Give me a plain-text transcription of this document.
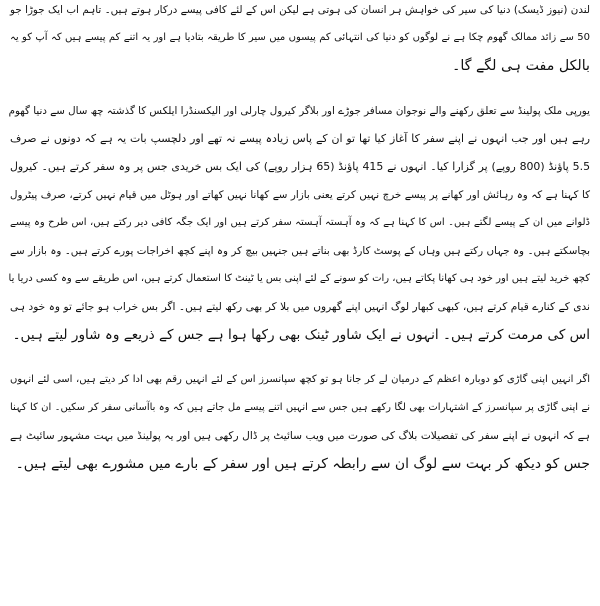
لندن (نیوز ڈیسک) دنیا کی سیر کی خواہش ہر انسان کی ہوتی ہے لیکن اس کے لئے کافی پیسے درکار ہوتے ہیں۔ تاہم اب ایک جوڑا جو
50 سے زائد ممالک گھوم چکا ہے نے لوگوں کو دنیا کی انتہائی کم پیسوں میں سیر کا طریقہ بتادیا ہے اور یہ اتنے کم پیسے ہیں کہ آپ کو یہ
بالکل مفت ہی لگے گا۔
یورپی ملک پولینڈ سے تعلق رکھنے والے نوجوان مسافر جوڑے اور بلاگر کیرول چارلی اور الیکسنڈرا ایلکس کا گذشتہ چھ سال سے دنیا گھوم
رہے ہیں اور جب انہوں نے اپنے سفر کا آغاز کیا تھا تو ان کے پاس زیادہ پیسے نہ تھے اور دلچسپ بات یہ ہے کہ دونوں نے صرف
5.5 پاؤنڈ (800 روپے) پر گزارا کیا۔ انہوں نے 415 پاؤنڈ (65 ہزار روپے) کی ایک بس خریدی جس پر وہ سفر کرتے ہیں۔ کیرول
کا کہنا ہے کہ وہ رہائش اور کھانے پر پیسے خرچ نہیں کرتے یعنی بازار سے کھانا نہیں کھاتے اور ہوٹل میں قیام نہیں کرتے، صرف پیٹرول
ڈلوانے میں ان کے پیسے لگتے ہیں۔ اس کا کہنا ہے کہ وہ آہستہ آہستہ سفر کرتے ہیں اور ایک جگہ کافی دیر رکتے ہیں، اس طرح وہ پیسے
بچاسکتے ہیں۔ وہ جہاں رکتے ہیں وہاں کے پوسٹ کارڈ بھی بناتے ہیں جنہیں بیچ کر وہ اپنے کچھ اخراجات پورے کرتے ہیں۔ وہ بازار سے
کچھ خرید لیتے ہیں اور خود ہی کھانا پکاتے ہیں، رات کو سونے کے لئے اپنی بس یا ٹینٹ کا استعمال کرتے ہیں، اس طریقے سے وہ کسی دریا یا
ندی کے کنارے قیام کرتے ہیں، کبھی کبھار لوگ انہیں اپنے گھروں میں بلا کر بھی رکھ لیتے ہیں۔ اگر بس خراب ہو جائے تو وہ خود ہی
اس کی مرمت کرتے ہیں۔ انہوں نے ایک شاور ٹینک بھی رکھا ہوا ہے جس کے ذریعے وہ شاور لیتے ہیں۔
اگر انہیں اپنی گاڑی کو دوبارہ اعظم کے درمیان لے کر جانا ہو تو کچھ سپانسرز اس کے لئے انہیں رقم بھی ادا کر دیتے ہیں، اسی لئے انہوں
نے اپنی گاڑی پر سپانسرز کے اشتہارات بھی لگا رکھے ہیں جس سے انہیں اتنے پیسے مل جاتے ہیں کہ وہ باآسانی سفر کر سکیں۔ ان کا کہنا
ہے کہ انہوں نے اپنے سفر کی تفصیلات بلاگ کی صورت میں ویب سائیٹ پر ڈال رکھی ہیں اور یہ پولینڈ میں بہت مشہور سائیٹ ہے
جس کو دیکھ کر بہت سے لوگ ان سے رابطہ کرتے ہیں اور سفر کے بارے میں مشورے بھی لیتے ہیں۔
